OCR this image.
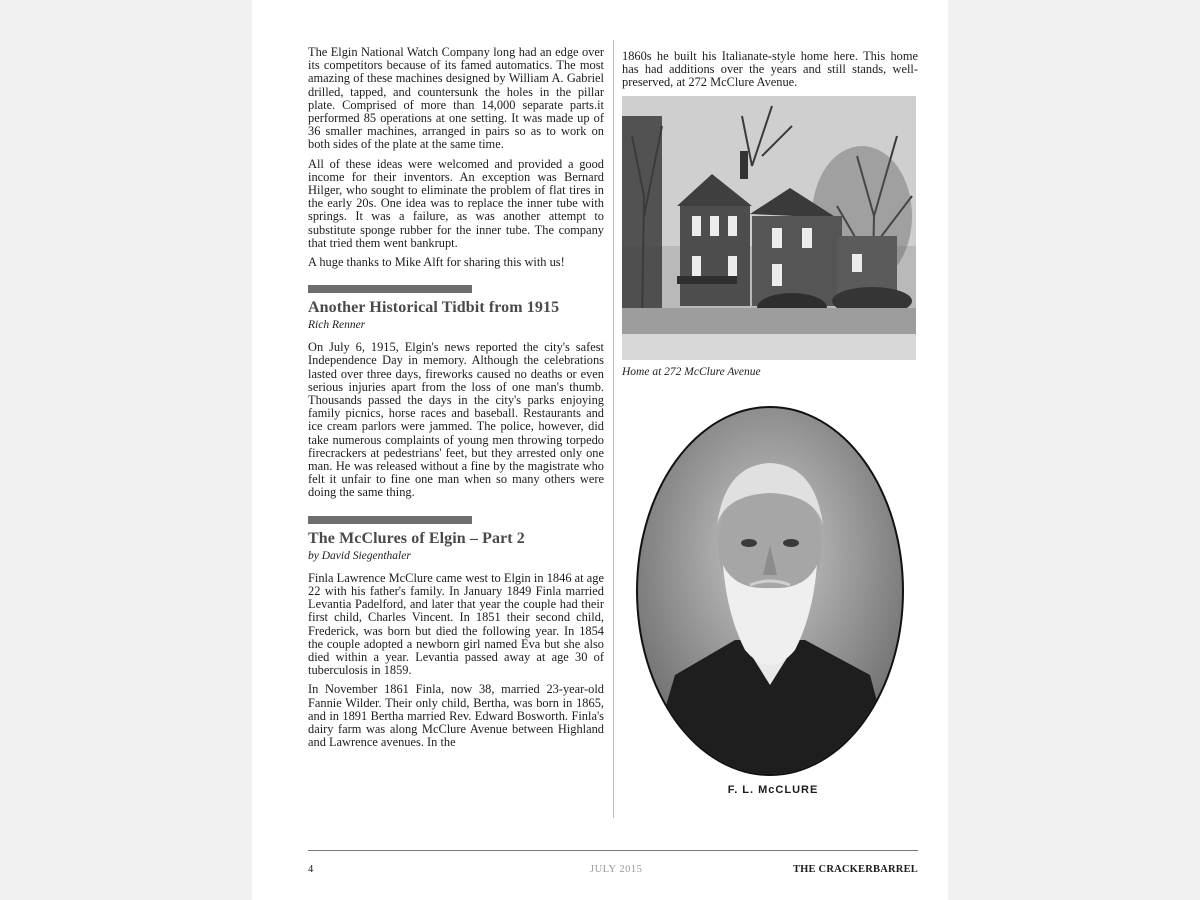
The Elgin National Watch Company long had an edge over its competitors because of its famed automatics. The most amazing of these machines designed by William A. Gabriel drilled, tapped, and countersunk the holes in the pillar plate. Comprised of more than 14,000 separate parts.it performed 85 operations at one setting. It was made up of 36 smaller machines, arranged in pairs so as to work on both sides of the plate at the same time.

All of these ideas were welcomed and provided a good income for their inventors. An exception was Bernard Hilger, who sought to eliminate the problem of flat tires in the early 20s. One idea was to replace the inner tube with springs. It was a failure, as was another attempt to substitute sponge rubber for the inner tube. The company that tried them went bankrupt.

A huge thanks to Mike Alft for sharing this with us!

Another Historical Tidbit from 1915
Rich Renner

On July 6, 1915, Elgin's news reported the city's safest Independence Day in memory. Although the celebrations lasted over three days, fireworks caused no deaths or even serious injuries apart from the loss of one man's thumb. Thousands passed the days in the city's parks enjoying family picnics, horse races and baseball. Restaurants and ice cream parlors were jammed. The police, however, did take numerous complaints of young men throwing torpedo firecrackers at pedestrians' feet, but they arrested only one man. He was released without a fine by the magistrate who felt it unfair to fine one man when so many others were doing the same thing.

The McClures of Elgin – Part 2
by David Siegenthaler

Finla Lawrence McClure came west to Elgin in 1846 at age 22 with his father's family. In January 1849 Finla married Levantia Padelford, and later that year the couple had their first child, Charles Vincent. In 1851 their second child, Frederick, was born but died the following year. In 1854 the couple adopted a newborn girl named Eva but she also died within a year. Levantia passed away at age 30 of tuberculosis in 1859.

In November 1861 Finla, now 38, married 23-year-old Fannie Wilder. Their only child, Bertha, was born in 1865, and in 1891 Bertha married Rev. Edward Bosworth. Finla's dairy farm was along McClure Avenue between Highland and Lawrence avenues. In the

1860s he built his Italianate-style home here. This home has had additions over the years and still stands, well-preserved, at 272 McClure Avenue.

Home at 272 McClure Avenue
F. L. McCLURE
4	JULY 2015	THE CRACKERBARREL
